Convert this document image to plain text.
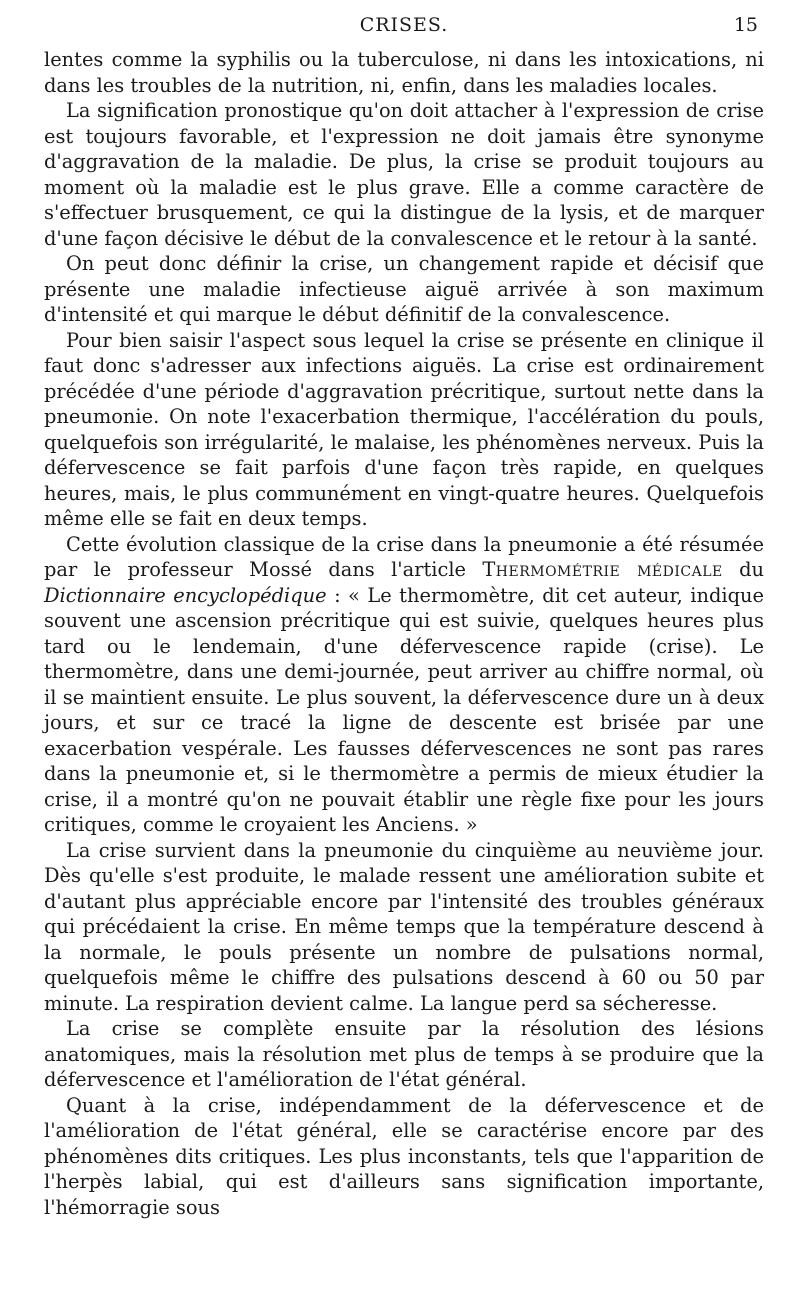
CRISES.	15

lentes comme la syphilis ou la tuberculose, ni dans les intoxications, ni dans les troubles de la nutrition, ni, enfin, dans les maladies locales.

La signification pronostique qu'on doit attacher à l'expression de crise est toujours favorable, et l'expression ne doit jamais être synonyme d'aggravation de la maladie. De plus, la crise se produit toujours au moment où la maladie est le plus grave. Elle a comme caractère de s'effectuer brusquement, ce qui la distingue de la lysis, et de marquer d'une façon décisive le début de la convalescence et le retour à la santé.

On peut donc définir la crise, un changement rapide et décisif que présente une maladie infectieuse aiguë arrivée à son maximum d'intensité et qui marque le début définitif de la convalescence.

Pour bien saisir l'aspect sous lequel la crise se présente en clinique il faut donc s'adresser aux infections aiguës. La crise est ordinairement précédée d'une période d'aggravation précritique, surtout nette dans la pneumonie. On note l'exacerbation thermique, l'accélération du pouls, quelquefois son irrégularité, le malaise, les phénomènes nerveux. Puis la défervescence se fait parfois d'une façon très rapide, en quelques heures, mais, le plus communément en vingt-quatre heures. Quelquefois même elle se fait en deux temps.

Cette évolution classique de la crise dans la pneumonie a été résumée par le professeur Mossé dans l'article Thermométrie médicale du Dictionnaire encyclopédique : « Le thermomètre, dit cet auteur, indique souvent une ascension précritique qui est suivie, quelques heures plus tard ou le lendemain, d'une défervescence rapide (crise). Le thermomètre, dans une demi-journée, peut arriver au chiffre normal, où il se maintient ensuite. Le plus souvent, la défervescence dure un à deux jours, et sur ce tracé la ligne de descente est brisée par une exacerbation vespérale. Les fausses défervescences ne sont pas rares dans la pneumonie et, si le thermomètre a permis de mieux étudier la crise, il a montré qu'on ne pouvait établir une règle fixe pour les jours critiques, comme le croyaient les Anciens. »

La crise survient dans la pneumonie du cinquième au neuvième jour. Dès qu'elle s'est produite, le malade ressent une amélioration subite et d'autant plus appréciable encore par l'intensité des troubles généraux qui précédaient la crise. En même temps que la température descend à la normale, le pouls présente un nombre de pulsations normal, quelquefois même le chiffre des pulsations descend à 60 ou 50 par minute. La respiration devient calme. La langue perd sa sécheresse.

La crise se complète ensuite par la résolution des lésions anatomiques, mais la résolution met plus de temps à se produire que la défervescence et l'amélioration de l'état général.

Quant à la crise, indépendamment de la défervescence et de l'amélioration de l'état général, elle se caractérise encore par des phénomènes dits critiques. Les plus inconstants, tels que l'apparition de l'herpès labial, qui est d'ailleurs sans signification importante, l'hémorragie sous
